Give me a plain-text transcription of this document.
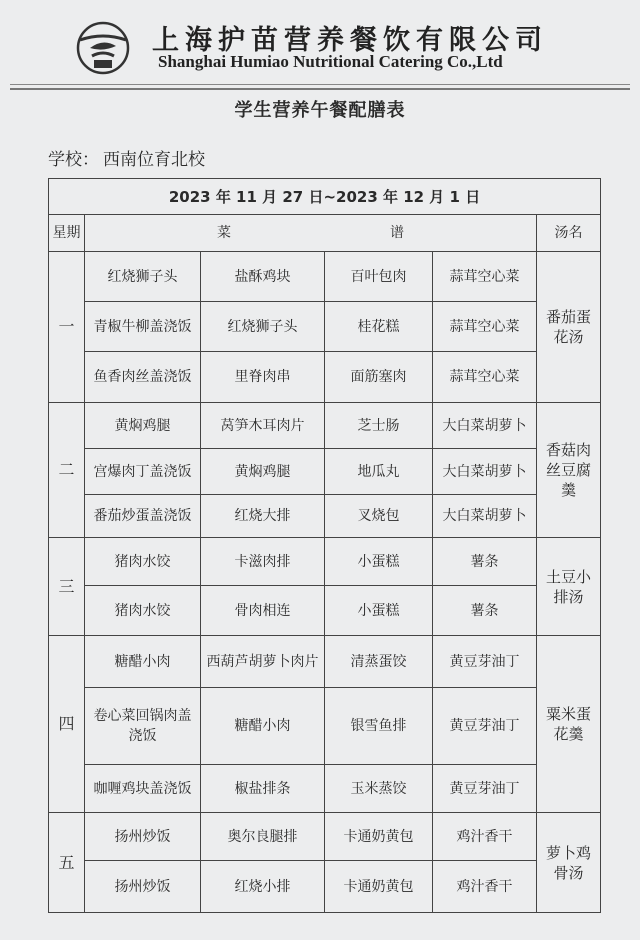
上海护苗营养餐饮有限公司
Shanghai Humiao Nutritional Catering Co.,Ltd
学生营养午餐配膳表
学校： 西南位育北校
2023 年 11 月 27 日~2023 年 12 月 1 日					
星期	菜 谱				汤名
一	红烧狮子头	盐酥鸡块	百叶包肉	蒜茸空心菜	番茄蛋花汤
	青椒牛柳盖浇饭	红烧狮子头	桂花糕	蒜茸空心菜	
	鱼香肉丝盖浇饭	里脊肉串	面筋塞肉	蒜茸空心菜	
二	黄焖鸡腿	莴笋木耳肉片	芝士肠	大白菜胡萝卜	香菇肉丝豆腐羹
	宫爆肉丁盖浇饭	黄焖鸡腿	地瓜丸	大白菜胡萝卜	
	番茄炒蛋盖浇饭	红烧大排	叉烧包	大白菜胡萝卜	
三	猪肉水饺	卡滋肉排	小蛋糕	薯条	土豆小排汤
	猪肉水饺	骨肉相连	小蛋糕	薯条	
四	糖醋小肉	西葫芦胡萝卜肉片	清蒸蛋饺	黄豆芽油丁	粟米蛋花羹
	卷心菜回锅肉盖浇饭	糖醋小肉	银雪鱼排	黄豆芽油丁	
	咖喱鸡块盖浇饭	椒盐排条	玉米蒸饺	黄豆芽油丁	
五	扬州炒饭	奥尔良腿排	卡通奶黄包	鸡汁香干	萝卜鸡骨汤
	扬州炒饭	红烧小排	卡通奶黄包	鸡汁香干	
